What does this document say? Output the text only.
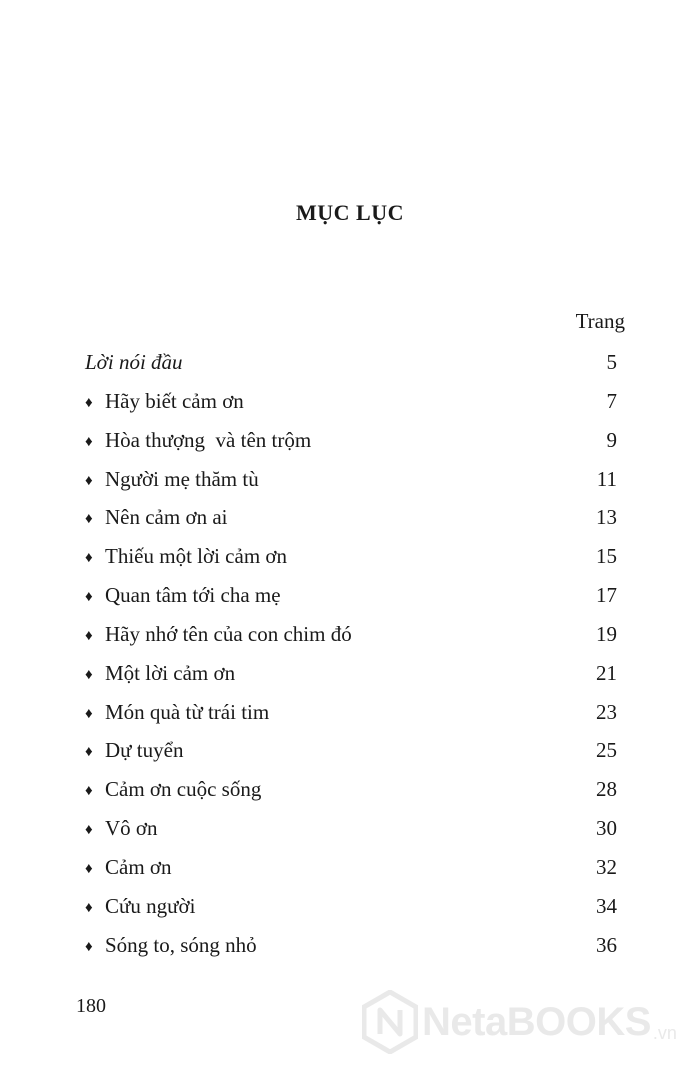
MỤC LỤC
Trang
Lời nói đầu	5
♦ Hãy biết cảm ơn	7
♦ Hòa thượng  và tên trộm	9
♦ Người mẹ thăm tù	11
♦ Nên cảm ơn ai	13
♦ Thiếu một lời cảm ơn	15
♦ Quan tâm tới cha mẹ	17
♦ Hãy nhớ tên của con chim đó	19
♦ Một lời cảm ơn	21
♦ Món quà từ trái tim	23
♦ Dự tuyển	25
♦ Cảm ơn cuộc sống	28
♦ Vô ơn	30
♦ Cảm ơn	32
♦ Cứu người	34
♦ Sóng to, sóng nhỏ	36
180	NetaBOOKS .vn
